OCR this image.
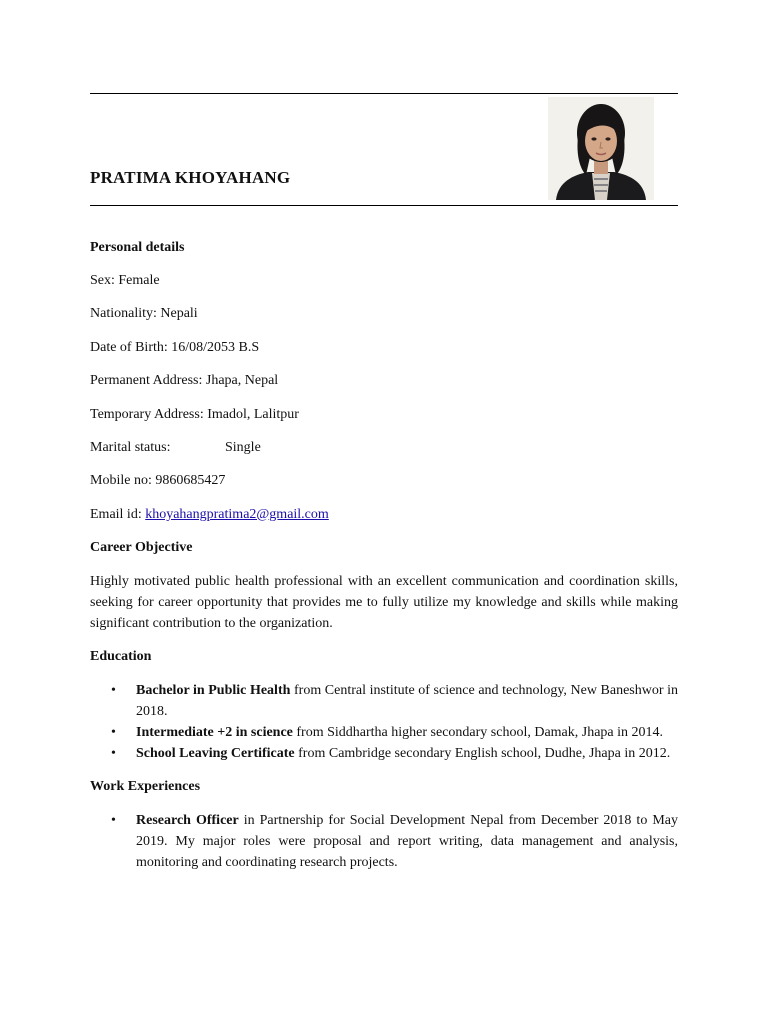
PRATIMA KHOYAHANG
Personal details
Sex: Female
Nationality: Nepali
Date of Birth: 16/08/2053 B.S
Permanent Address: Jhapa, Nepal
Temporary Address: Imadol, Lalitpur
Marital status:	Single
Mobile no: 9860685427
Email id: khoyahangpratima2@gmail.com
Career Objective
Highly motivated public health professional with an excellent communication and coordination skills, seeking for career opportunity that provides me to fully utilize my knowledge and skills while making significant contribution to the organization.
Education
• Bachelor in Public Health from Central institute of science and technology, New Baneshwor in 2018.
• Intermediate +2 in science from Siddhartha higher secondary school, Damak, Jhapa in 2014.
• School Leaving Certificate from Cambridge secondary English school, Dudhe, Jhapa in 2012.
Work Experiences
• Research Officer in Partnership for Social Development Nepal from December 2018 to May 2019. My major roles were proposal and report writing, data management and analysis, monitoring and coordinating research projects.
